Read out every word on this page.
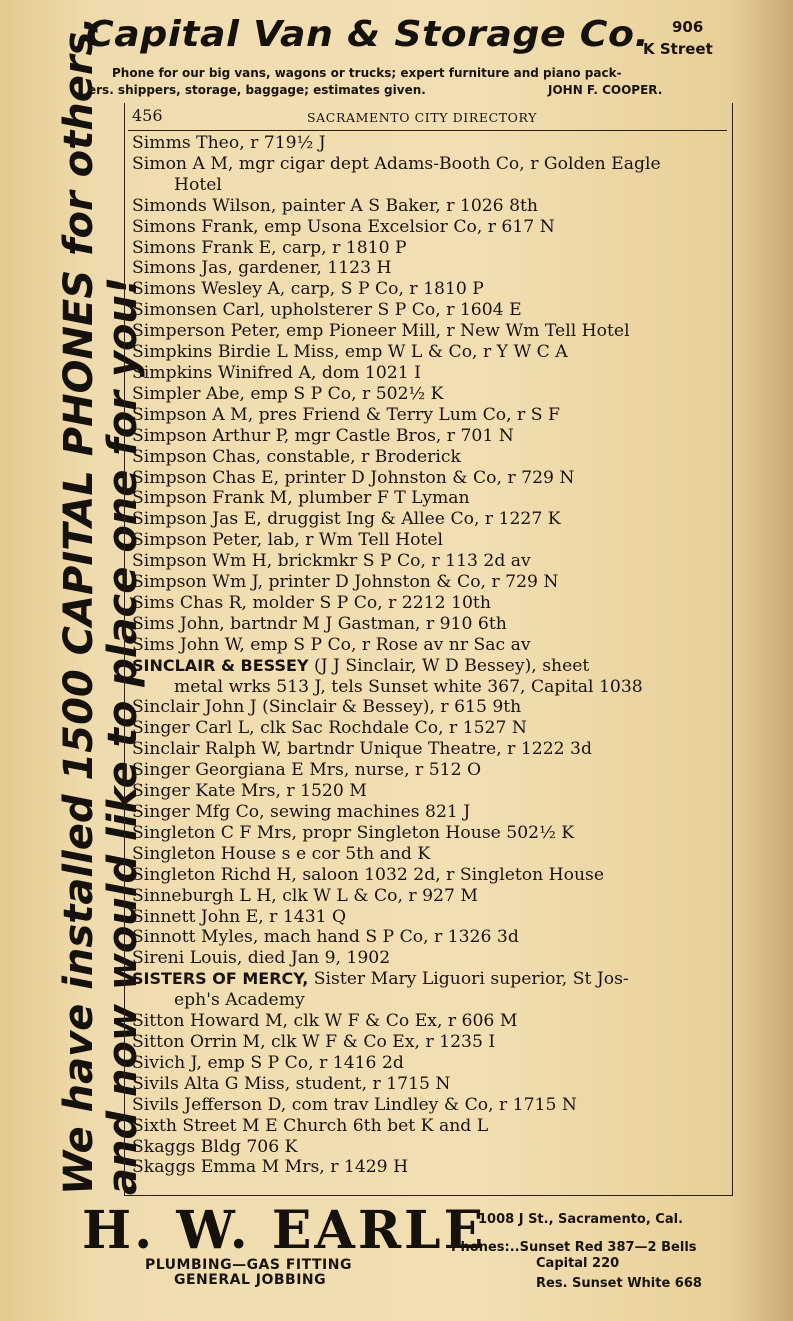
Capital Van & Storage Co. 906
K Street
Phone for our big vans, wagons or trucks; expert furniture and piano pack-
ers. shippers, storage, baggage; estimates given.	JOHN F. COOPER.
We have installed 1500 CAPITAL PHONES for others,
and now would like to place one for you!
456	SACRAMENTO CITY DIRECTORY
Simms Theo, r 719½ J
Simon A M, mgr cigar dept Adams-Booth Co, r Golden Eagle
Hotel
Simonds Wilson, painter A S Baker, r 1026 8th
Simons Frank, emp Usona Excelsior Co, r 617 N
Simons Frank E, carp, r 1810 P
Simons Jas, gardener, 1123 H
Simons Wesley A, carp, S P Co, r 1810 P
Simonsen Carl, upholsterer S P Co, r 1604 E
Simperson Peter, emp Pioneer Mill, r New Wm Tell Hotel
Simpkins Birdie L Miss, emp W L & Co, r Y W C A
Simpkins Winifred A, dom 1021 I
Simpler Abe, emp S P Co, r 502½ K
Simpson A M, pres Friend & Terry Lum Co, r S F
Simpson Arthur P, mgr Castle Bros, r 701 N
Simpson Chas, constable, r Broderick
Simpson Chas E, printer D Johnston & Co, r 729 N
Simpson Frank M, plumber F T Lyman
Simpson Jas E, druggist Ing & Allee Co, r 1227 K
Simpson Peter, lab, r Wm Tell Hotel
Simpson Wm H, brickmkr S P Co, r 113 2d av
Simpson Wm J, printer D Johnston & Co, r 729 N
Sims Chas R, molder S P Co, r 2212 10th
Sims John, bartndr M J Gastman, r 910 6th
Sims John W, emp S P Co, r Rose av nr Sac av
SINCLAIR & BESSEY (J J Sinclair, W D Bessey), sheet
metal wrks 513 J, tels Sunset white 367, Capital 1038
Sinclair John J (Sinclair & Bessey), r 615 9th
Singer Carl L, clk Sac Rochdale Co, r 1527 N
Sinclair Ralph W, bartndr Unique Theatre, r 1222 3d
Singer Georgiana E Mrs, nurse, r 512 O
Singer Kate Mrs, r 1520 M
Singer Mfg Co, sewing machines 821 J
Singleton C F Mrs, propr Singleton House 502½ K
Singleton House s e cor 5th and K
Singleton Richd H, saloon 1032 2d, r Singleton House
Sinneburgh L H, clk W L & Co, r 927 M
Sinnett John E, r 1431 Q
Sinnott Myles, mach hand S P Co, r 1326 3d
Sireni Louis, died Jan 9, 1902
SISTERS OF MERCY, Sister Mary Liguori superior, St Jos-
eph's Academy
Sitton Howard M, clk W F & Co Ex, r 606 M
Sitton Orrin M, clk W F & Co Ex, r 1235 I
Sivich J, emp S P Co, r 1416 2d
Sivils Alta G Miss, student, r 1715 N
Sivils Jefferson D, com trav Lindley & Co, r 1715 N
Sixth Street M E Church 6th bet K and L
Skaggs Bldg 706 K
Skaggs Emma M Mrs, r 1429 H
H. W. EARLE
PLUMBING—GAS FITTING
GENERAL JOBBING
1008 J St., Sacramento, Cal.
Phones:..Sunset Red 387—2 Bells
Capital 220
Res. Sunset White 668
